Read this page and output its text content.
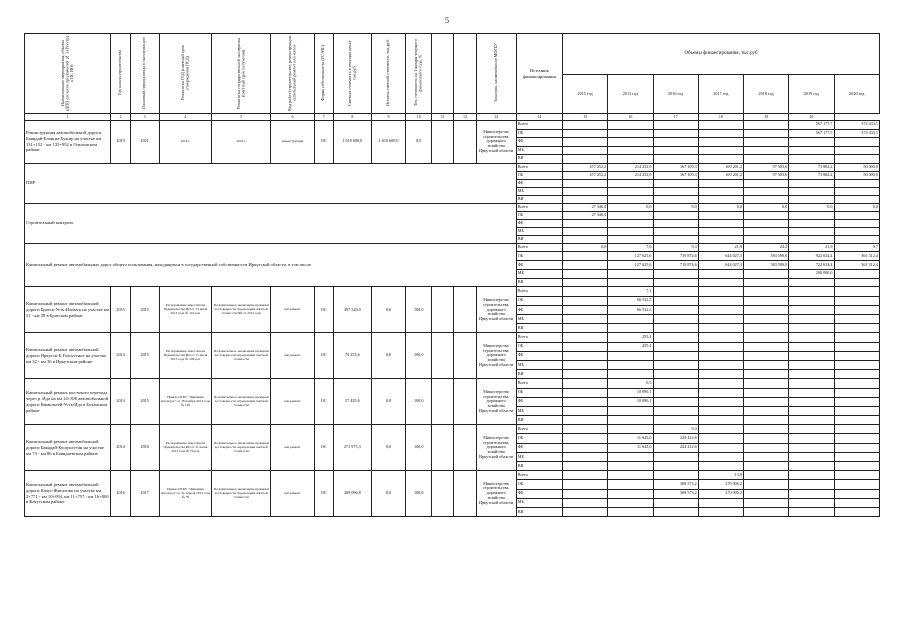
5
Наименование мероприятия, объекта (ДПП согласно приложений № 1 (Реестр) к ПС ИО)	Год начала строительства	Плановый период ввода в эксплуатацию	Реквизиты ГСД (сметный срок утверждения ПСД)	Реквизиты государственной экспертизы (сметный срок получения)	Вид работ (строительство, реконструкция, капитальный ремонт или иное)	Форма собственности (ГС/МС)	Сметная стоимость в текущих ценах тыс.руб.	Остаток сметной стоимости, тыс.руб.	Тех. готовность на 1 января текущего финансового года, %			Заказчик, наименование МОГБУ	Источник финансирования	Объемы финансирования, тыс.руб						
														2015 год	2013 год	2016 год	2017 год	2018 год	2019 год	2020 год
1	2	3	4	5	6	7	8	9	10	11	12	13	14	15	16	17	18	19	20	
Реконструкция автомобильной дороги Баяндай-Еланцы-Хужир на участке км 131+152 - км 135+952 в Ольхонском районе	2019	2021	2018 г.	2018 г.	реконструкция	ОС	1 610 600,0	1 610 600,0	0,0			Министерство строительства, дорожного хозяйства Иркутской области	Всего						567 177,7	374 433,1
													ОБ						567 177,7	374 433,1
													ФБ							
													МБ							
													ВИ							
ПИР													Всего	477 252,2	214 252,9	167 109,3	169 201,2	97 583,6	73 884,2	50 000,0
													ОБ	477 252,2	214 252,9	167 109,3	169 201,2	97 583,6	73 884,2	50 000,0
													ФБ							
													МБ							
													ВИ							
Строительный контроль													Всего	27 346,4	0,0	0,0	0,0	0,0	0,0	0,0
													ОБ	27 346,4						
													ФБ							
													МБ							
													ВИ							
Капитальный ремонт автомобильных дорог общего пользования, находящихся в государственной собственности Иркутской области, в том числе													Всего	0,0	7,6	9,4	21,9	24,2	21,9	9,7
													ОБ		127 625,6	719 874,6	644 027,3	583 590,0	922 634,4	361 312,4
													ФБ		127 625,6	719 874,6	644 027,3	583 590,0	722 634,4	361 312,4
													МБ						200 000,0	
													ВИ							
Капитальный ремонт автомобильной дороги Братск-Усть-Илимск на участке км 51 - км 58 в Братском районе	2015	2015	Распоряжение заместителя Правительства ИО от 13 июля 2013 года № 110-рзп	Положительное заключение проверки достоверности определения сметной стоимости ИО от 2014 года	кап.ремонт	ОС	397 520,0	0,0	100,0			Министерство строительства, дорожного хозяйства Иркутской области	Всего		7,1					
													ОБ		66 532,5					
													ФБ		66 532,5					
													МБ							
													ВИ							
Капитальный ремонт автомобильной дороги Иркутск-Б.Голоустное на участке км 32 - км 36 в Иркутском районе	2014	2015	Распоряжение заместителя Правительства ИО от 11 июля 2013 года № 109-рзп	Положительное заключение проверки достоверности определения сметной стоимости	кап.ремонт	ОС	74 253,6	0,0	100,0			Министерство строительства, дорожного хозяйства Иркутской области	Всего		255,4					
													ОБ		255,4					
													ФБ							
													МБ							
													ВИ							
Капитальный ремонт мостового перехода через р. Ида на км 14+300 автомобильной дороги Кимильтей-Усть-Ида в Боханском районе	2014	2015	Приказ ОГКУ "Дирекция автодорог" от 18 ноября 2013 года № 129	Положительное заключение проверки достоверности определения сметной стоимости	кап.ремонт	ОС	57 425,6	0,0	100,0			Министерство строительства, дорожного хозяйства Иркутской области	Всего		0,5					
													ОБ		10 090,1					
													ФБ		10 090,1					
													МБ							
													ВИ							
Капитальный ремонт автомобильной дороги Баяндай-Кушунгутан на участке км 73 - км 86 в Баяндаевском районе	2014	2016	Распоряжение заместителя Правительства ИО от 11 июня 2013 года № 72-рзп	Положительное заключение проверки достоверности определения сметной стоимости	кап.ремонт	ОС	271 975,3	0,0	100,0			Министерство строительства, дорожного хозяйства Иркутской области	Всего			9,4				
													ОБ		11 645,0	224 412,6				
													ФБ		11 645,0	224 412,6				
													МБ							
													ВИ							
Капитальный ремонт автомобильной дороги Качуг-Жигалово на участке км 2+771 - км 10+094, км 11+757 - км 16+000 в Качугском районе	2016	2017	Приказ ОГКУ "Дирекция автодорог" от 21 апреля 2015 года № 76	Положительное заключение проверки достоверности определения сметной стоимости	кап.ремонт	ОС	369 096,8	0,0	100,0			Министерство строительства, дорожного хозяйства Иркутской области	Всего				13,9			
													ОБ			308 573,2	270 906,2			
													ФБ			308 573,2	270 906,2			
													МБ							
													ВИ							
